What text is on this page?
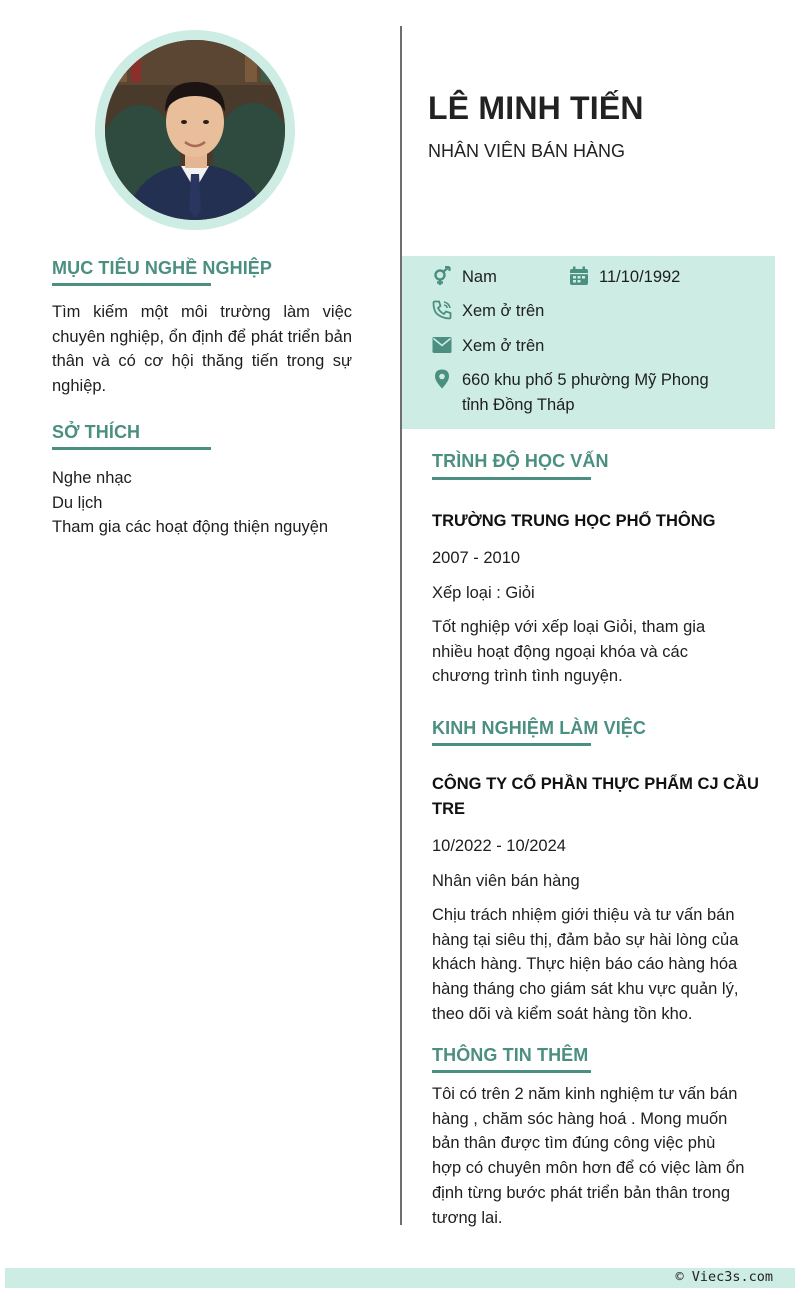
MỤC TIÊU NGHỀ NGHIỆP
Tìm kiếm một môi trường làm việc chuyên nghiệp, ổn định để phát triển bản thân và có cơ hội thăng tiến trong sự nghiệp.
SỞ THÍCH
Nghe nhạc
Du lịch
Tham gia các hoạt động thiện nguyện
LÊ MINH TIẾN
NHÂN VIÊN BÁN HÀNG
Nam	11/10/1992
Xem ở trên
Xem ở trên
660 khu phố 5 phường Mỹ Phong
tỉnh Đồng Tháp
TRÌNH ĐỘ HỌC VẤN
TRƯỜNG TRUNG HỌC PHỔ THÔNG
2007 - 2010
Xếp loại : Giỏi
Tốt nghiệp với xếp loại Giỏi, tham gia
nhiều hoạt động ngoại khóa và các
chương trình tình nguyện.
KINH NGHIỆM LÀM VIỆC
CÔNG TY CỔ PHẦN THỰC PHẨM CJ CẦU
TRE
10/2022 - 10/2024
Nhân viên bán hàng
Chịu trách nhiệm giới thiệu và tư vấn bán
hàng tại siêu thị, đảm bảo sự hài lòng của
khách hàng. Thực hiện báo cáo hàng hóa
hàng tháng cho giám sát khu vực quản lý,
theo dõi và kiểm soát hàng tồn kho.
THÔNG TIN THÊM
Tôi có trên 2 năm kinh nghiệm tư vấn bán
hàng , chăm sóc hàng hoá . Mong muốn
bản thân được tìm đúng công việc phù
hợp có chuyên môn hơn để có việc làm ổn
định từng bước phát triển bản thân trong
tương lai.
© Viec3s.com
